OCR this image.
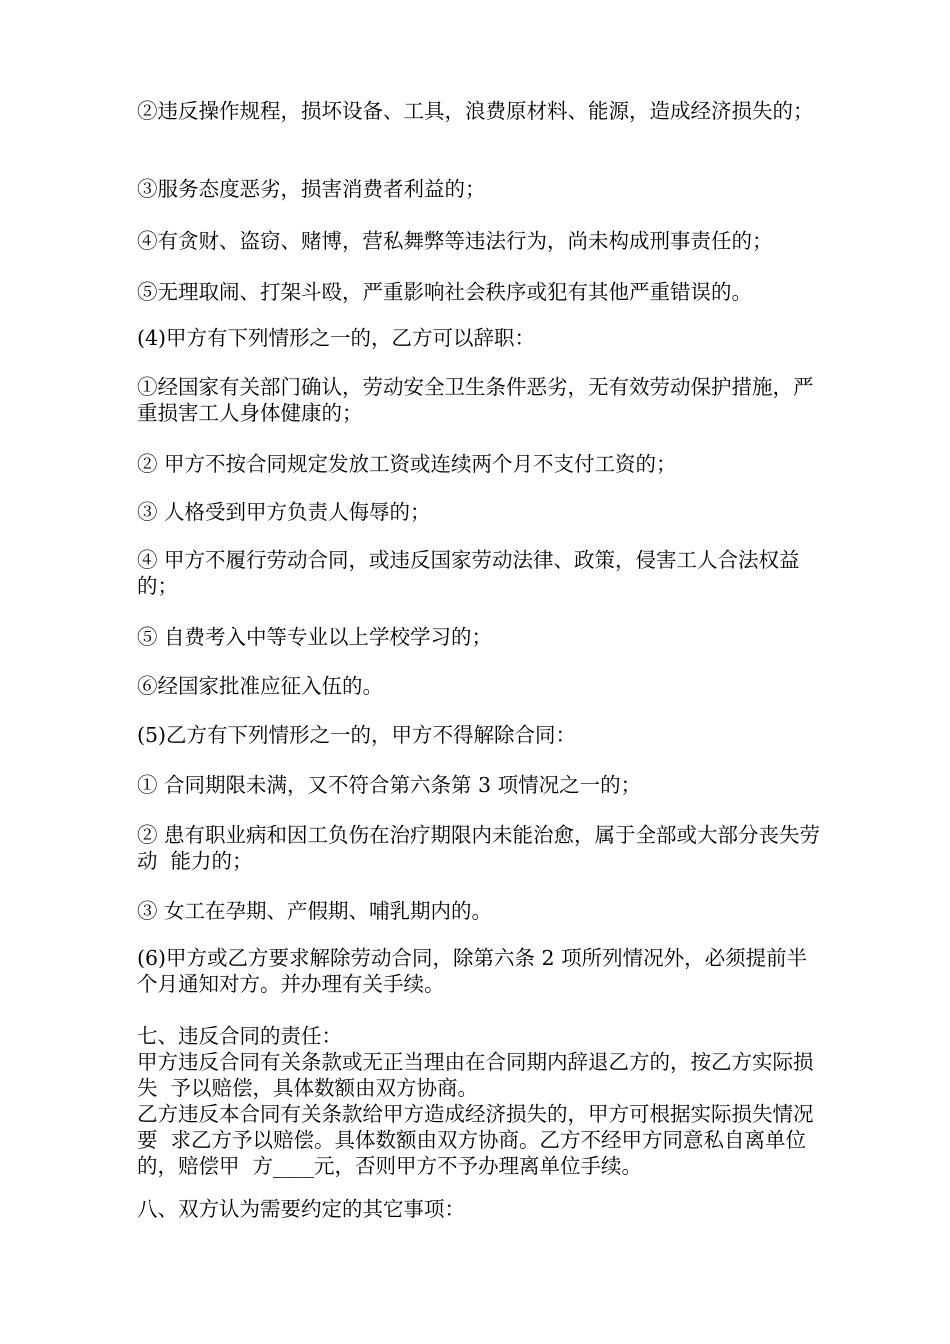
②违反操作规程，损坏设备、工具，浪费原材料、能源，造成经济损失的；

③服务态度恶劣，损害消费者利益的；

④有贪财、盗窃、赌博，营私舞弊等违法行为，尚未构成刑事责任的；

⑤无理取闹、打架斗殴，严重影响社会秩序或犯有其他严重错误的。

(4)甲方有下列情形之一的，乙方可以辞职：

①经国家有关部门确认，劳动安全卫生条件恶劣，无有效劳动保护措施，严重损害工人身体健康的；

② 甲方不按合同规定发放工资或连续两个月不支付工资的；

③ 人格受到甲方负责人侮辱的；

④ 甲方不履行劳动合同，或违反国家劳动法律、政策，侵害工人合法权益的；

⑤ 自费考入中等专业以上学校学习的；

⑥经国家批准应征入伍的。

(5)乙方有下列情形之一的，甲方不得解除合同：

① 合同期限未满，又不符合第六条第 3 项情况之一的；

② 患有职业病和因工负伤在治疗期限内未能治愈，属于全部或大部分丧失劳动  能力的；

③ 女工在孕期、产假期、哺乳期内的。

(6)甲方或乙方要求解除劳动合同，除第六条 2 项所列情况外，必须提前半  个月通知对方。并办理有关手续。

七、违反合同的责任：
甲方违反合同有关条款或无正当理由在合同期内辞退乙方的，按乙方实际损失  予以赔偿，具体数额由双方协商。
乙方违反本合同有关条款给甲方造成经济损失的，甲方可根据实际损失情况要  求乙方予以赔偿。具体数额由双方协商。乙方不经甲方同意私自离单位的，赔偿甲  方____元，否则甲方不予办理离单位手续。

八、双方认为需要约定的其它事项：
